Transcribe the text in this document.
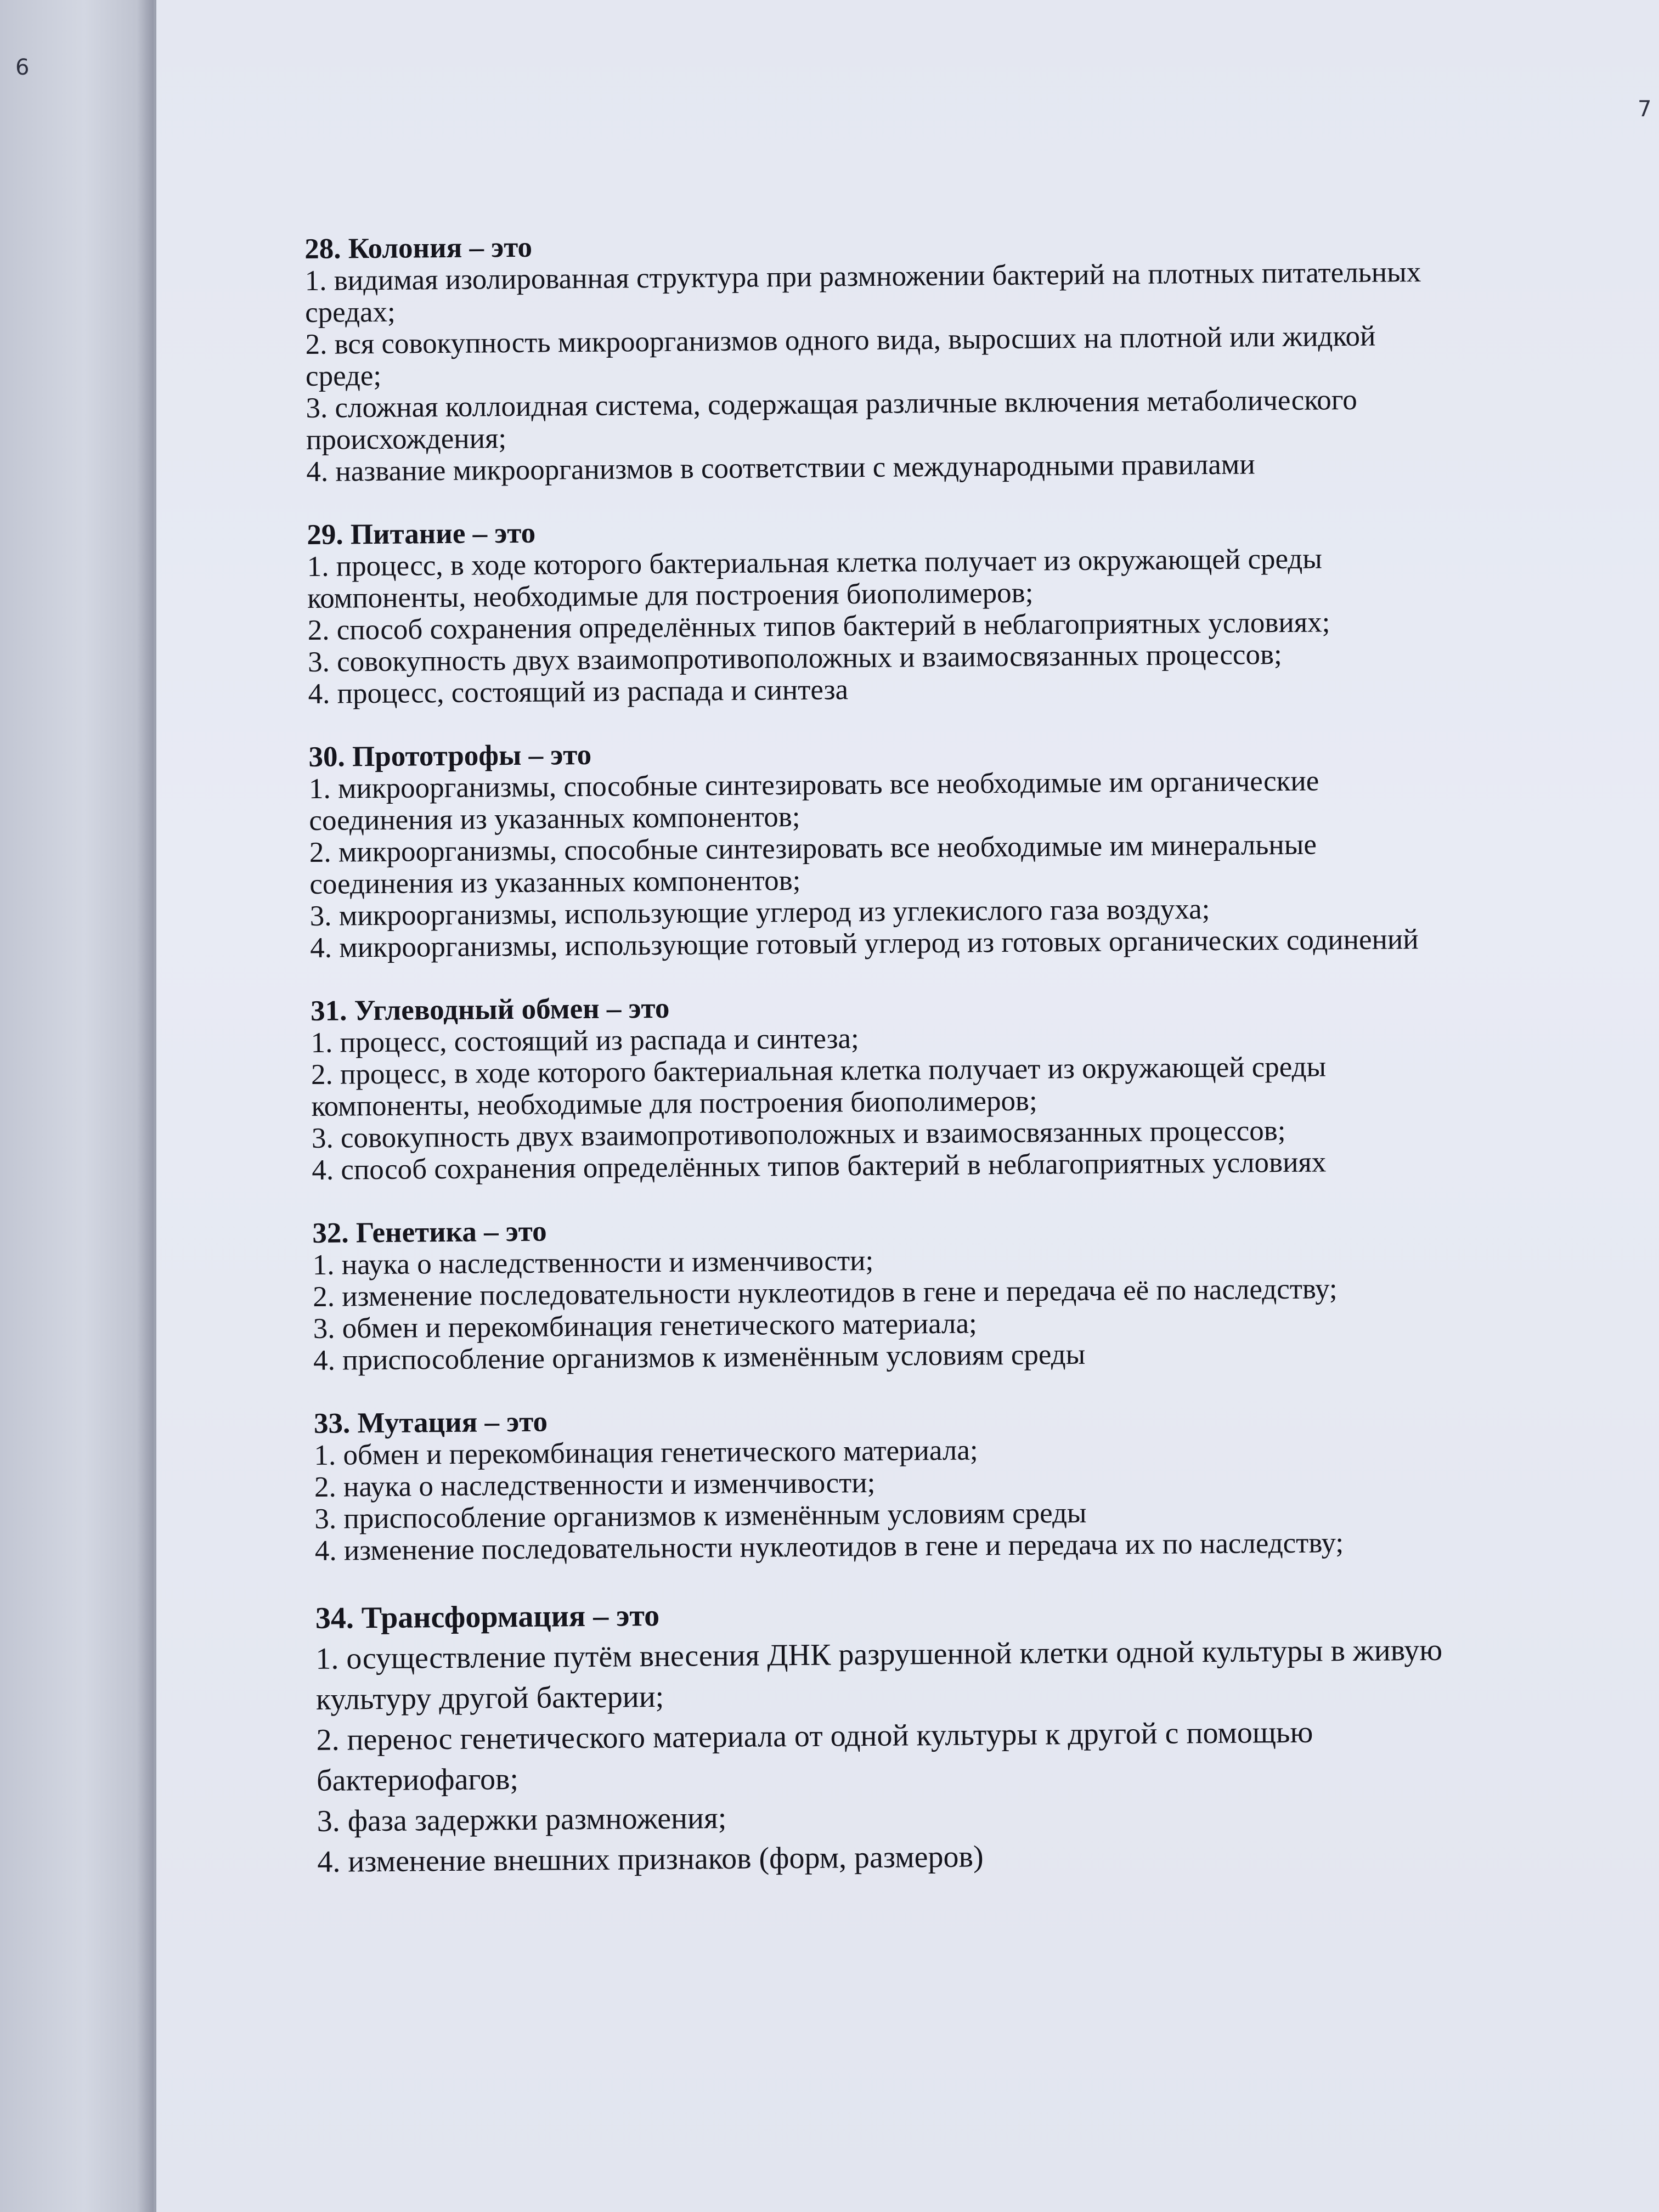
6
7

28. Колония – это

1. видимая изолированная структура при размножении бактерий на плотных питательных

средах;

2. вся совокупность микроорганизмов одного вида, выросших на плотной или жидкой

среде;

3. сложная коллоидная система, содержащая различные включения метаболического

происхождения;

4. название микроорганизмов в соответствии с международными правилами

29. Питание – это

1. процесс, в ходе которого бактериальная клетка получает из окружающей среды

компоненты, необходимые для построения биополимеров;

2. способ сохранения определённых типов бактерий в неблагоприятных условиях;

3. совокупность двух взаимопротивоположных и взаимосвязанных процессов;

4. процесс, состоящий из распада и синтеза

30. Прототрофы – это

1. микроорганизмы, способные синтезировать все необходимые им органические

соединения из указанных компонентов;

2. микроорганизмы, способные синтезировать все необходимые им минеральные

соединения из указанных компонентов;

3. микроорганизмы, использующие углерод из углекислого газа воздуха;

4. микроорганизмы, использующие готовый углерод из готовых органических содинений

31. Углеводный обмен – это

1. процесс, состоящий из распада и синтеза;

2. процесс, в ходе которого бактериальная клетка получает из окружающей среды

компоненты, необходимые для построения биополимеров;

3. совокупность двух взаимопротивоположных и взаимосвязанных процессов;

4. способ сохранения определённых типов бактерий в неблагоприятных условиях

32. Генетика – это

1. наука о наследственности и изменчивости;

2. изменение последовательности нуклеотидов в гене и передача её по наследству;

3. обмен и перекомбинация генетического материала;

4. приспособление организмов к изменённым условиям среды

33. Мутация – это

1. обмен и перекомбинация генетического материала;

2. наука о наследственности и изменчивости;

3. приспособление организмов к изменённым условиям среды

4. изменение последовательности нуклеотидов в гене и передача их по наследству;

34. Трансформация – это

1. осуществление путём внесения ДНК разрушенной клетки одной культуры в живую

культуру другой бактерии;

2. перенос генетического материала от одной культуры к другой с помощью

бактериофагов;

3. фаза задержки размножения;

4. изменение внешних признаков (форм, размеров)
